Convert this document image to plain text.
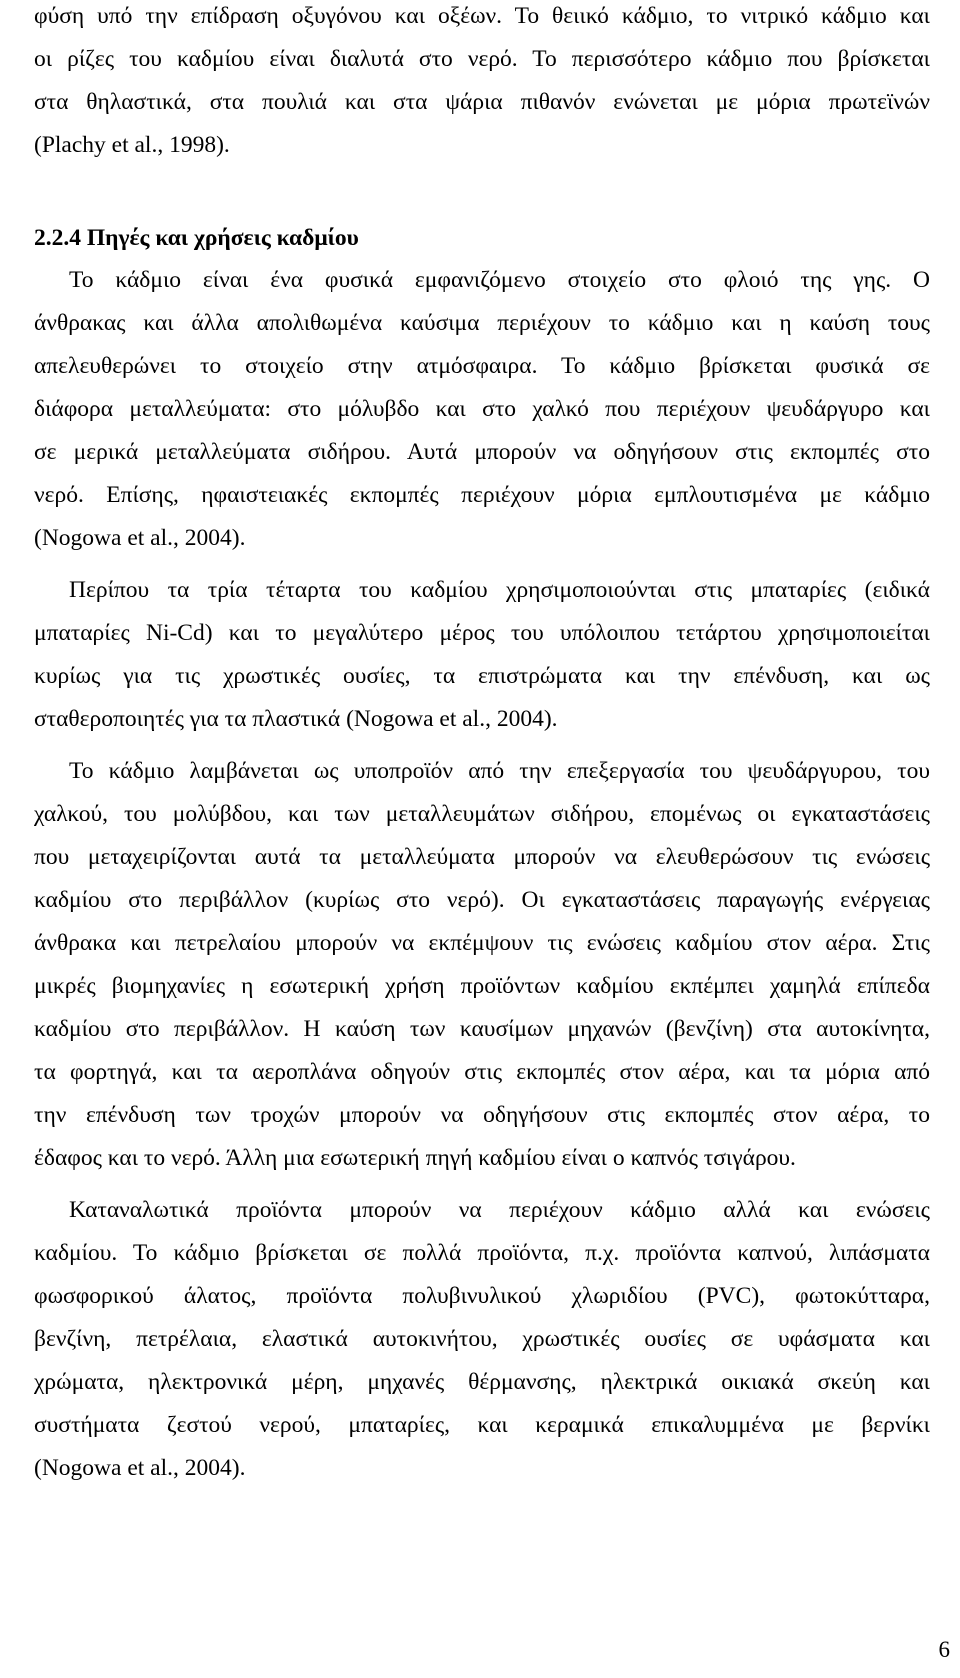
φύση υπό την επίδραση οξυγόνου και οξέων. Το θειικό κάδμιο, το νιτρικό κάδμιο και
οι ρίζες του καδμίου είναι διαλυτά στο νερό. Το περισσότερο κάδμιο που βρίσκεται
στα θηλαστικά, στα πουλιά και στα ψάρια πιθανόν ενώνεται με μόρια πρωτεϊνών
(Plachy et al., 1998).
2.2.4 Πηγές και χρήσεις καδμίου
Το κάδμιο είναι ένα φυσικά εμφανιζόμενο στοιχείο στο φλοιό της γης. Ο
άνθρακας και άλλα απολιθωμένα καύσιμα περιέχουν το κάδμιο και η καύση τους
απελευθερώνει το στοιχείο στην ατμόσφαιρα. Το κάδμιο βρίσκεται φυσικά σε
διάφορα μεταλλεύματα: στο μόλυβδο και στο χαλκό που περιέχουν ψευδάργυρο και
σε μερικά μεταλλεύματα σιδήρου. Αυτά μπορούν να οδηγήσουν στις εκπομπές στο
νερό. Επίσης, ηφαιστειακές εκπομπές περιέχουν μόρια εμπλουτισμένα με κάδμιο
(Nogowa et al., 2004).
Περίπου τα τρία τέταρτα του καδμίου χρησιμοποιούνται στις μπαταρίες (ειδικά
μπαταρίες Ni-Cd) και το μεγαλύτερο μέρος του υπόλοιπου τετάρτου χρησιμοποιείται
κυρίως για τις χρωστικές ουσίες, τα επιστρώματα και την επένδυση, και ως
σταθεροποιητές για τα πλαστικά (Nogowa et al., 2004).
Το κάδμιο λαμβάνεται ως υποπροϊόν από την επεξεργασία του ψευδάργυρου, του
χαλκού, του μολύβδου, και των μεταλλευμάτων σιδήρου, επομένως οι εγκαταστάσεις
που μεταχειρίζονται αυτά τα μεταλλεύματα μπορούν να ελευθερώσουν τις ενώσεις
καδμίου στο περιβάλλον (κυρίως στο νερό). Οι εγκαταστάσεις παραγωγής ενέργειας
άνθρακα και πετρελαίου μπορούν να εκπέμψουν τις ενώσεις καδμίου στον αέρα. Στις
μικρές βιομηχανίες η εσωτερική χρήση προϊόντων καδμίου εκπέμπει χαμηλά επίπεδα
καδμίου στο περιβάλλον. Η καύση των καυσίμων μηχανών (βενζίνη) στα αυτοκίνητα,
τα φορτηγά, και τα αεροπλάνα οδηγούν στις εκπομπές στον αέρα, και τα μόρια από
την επένδυση των τροχών μπορούν να οδηγήσουν στις εκπομπές στον αέρα, το
έδαφος και το νερό. Άλλη μια εσωτερική πηγή καδμίου είναι ο καπνός τσιγάρου.
Καταναλωτικά προϊόντα μπορούν να περιέχουν κάδμιο αλλά και ενώσεις
καδμίου. Το κάδμιο βρίσκεται σε πολλά προϊόντα, π.χ. προϊόντα καπνού, λιπάσματα
φωσφορικού άλατος, προϊόντα πολυβινυλικού χλωριδίου (PVC), φωτοκύτταρα,
βενζίνη, πετρέλαια, ελαστικά αυτοκινήτου, χρωστικές ουσίες σε υφάσματα και
χρώματα, ηλεκτρονικά μέρη, μηχανές θέρμανσης, ηλεκτρικά οικιακά σκεύη και
συστήματα ζεστού νερού, μπαταρίες, και κεραμικά επικαλυμμένα με βερνίκι
(Nogowa et al., 2004).
6
